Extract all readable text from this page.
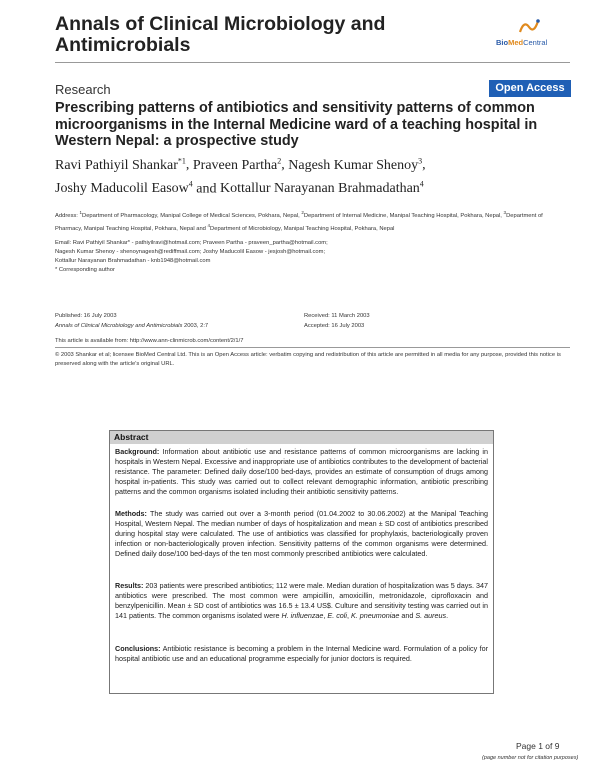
Annals of Clinical Microbiology and Antimicrobials	BioMedCentral
Research	Open Access
Prescribing patterns of antibiotics and sensitivity patterns of common microorganisms in the Internal Medicine ward of a teaching hospital in Western Nepal: a prospective study
Ravi Pathiyil Shankar$^{*1}$, Praveen Partha$^2$, Nagesh Kumar Shenoy$^3$,
Joshy Maducolil Easow$^4$ and Kottallur Narayanan Brahmadathan$^4$
Address: $^1$Department of Pharmacology, Manipal College of Medical Sciences, Pokhara, Nepal, $^2$Department of Internal Medicine, Manipal Teaching Hospital, Pokhara, Nepal, $^3$Department of Pharmacy, Manipal Teaching Hospital, Pokhara, Nepal and $^4$Department of Microbiology, Manipal Teaching Hospital, Pokhara, Nepal
Email: Ravi Pathiyil Shankar* - pathiyilravi@hotmail.com; Praveen Partha - praveen_partha@hotmail.com;
Nagesh Kumar Shenoy - shenoynagesh@rediffmail.com; Joshy Maducolil Easow - jesjosh@hotmail.com;
Kottallur Narayanan Brahmadathan - knb1948@hotmail.com
* Corresponding author
Published: 16 July 2003
Annals of Clinical Microbiology and Antimicrobials 2003, 2:7
Received: 11 March 2003
Accepted: 16 July 2003
This article is available from: http://www.ann-clinmicrob.com/content/2/1/7
© 2003 Shankar et al; licensee BioMed Central Ltd. This is an Open Access article: verbatim copying and redistribution of this article are permitted in all media for any purpose, provided this notice is preserved along with the article's original URL.
Abstract
Background: Information about antibiotic use and resistance patterns of common microorganisms are lacking in hospitals in Western Nepal. Excessive and inappropriate use of antibiotics contributes to the development of bacterial resistance. The parameter: Defined daily dose/100 bed-days, provides an estimate of consumption of drugs among hospital in-patients. This study was carried out to collect relevant demographic information, antibiotic prescribing patterns and the common organisms isolated including their antibiotic sensitivity patterns.
Methods: The study was carried out over a 3-month period (01.04.2002 to 30.06.2002) at the Manipal Teaching Hospital, Western Nepal. The median number of days of hospitalization and mean ± SD cost of antibiotics prescribed during hospital stay were calculated. The use of antibiotics was classified for prophylaxis, bacteriologically proven infection or non-bacteriologically proven infection. Sensitivity patterns of the common organisms were determined. Defined daily dose/100 bed-days of the ten most commonly prescribed antibiotics were calculated.
Results: 203 patients were prescribed antibiotics; 112 were male. Median duration of hospitalization was 5 days. 347 antibiotics were prescribed. The most common were ampicillin, amoxicillin, metronidazole, ciprofloxacin and benzylpenicillin. Mean ± SD cost of antibiotics was 16.5 ± 13.4 US$. Culture and sensitivity testing was carried out in 141 patients. The common organisms isolated were H. influenzae, E. coli, K. pneumoniae and S. aureus.
Conclusions: Antibiotic resistance is becoming a problem in the Internal Medicine ward. Formulation of a policy for hospital antibiotic use and an educational programme especially for junior doctors is required.
Page 1 of 9
(page number not for citation purposes)
